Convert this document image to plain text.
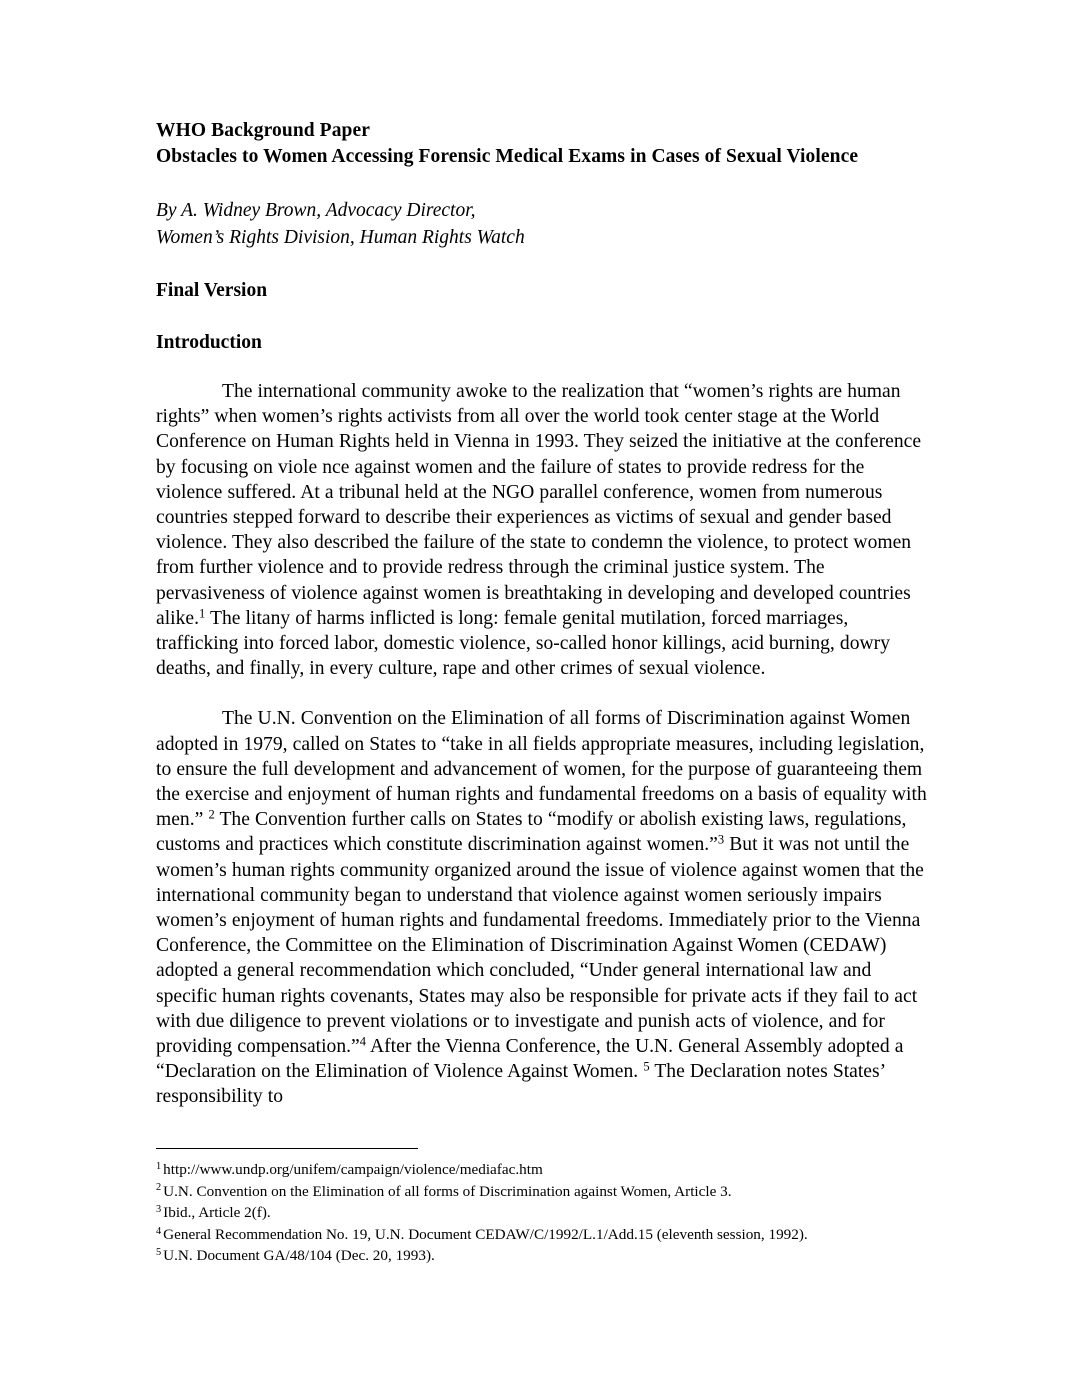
WHO Background Paper
Obstacles to Women Accessing Forensic Medical Exams in Cases of Sexual Violence
By A. Widney Brown, Advocacy Director,
Women’s Rights Division, Human Rights Watch
Final Version
Introduction

The international community awoke to the realization that “women’s rights are human rights” when women’s rights activists from all over the world took center stage at the World Conference on Human Rights held in Vienna in 1993. They seized the initiative at the conference by focusing on viole nce against women and the failure of states to provide redress for the violence suffered. At a tribunal held at the NGO parallel conference, women from numerous countries stepped forward to describe their experiences as victims of sexual and gender based violence. They also described the failure of the state to condemn the violence, to protect women from further violence and to provide redress through the criminal justice system. The pervasiveness of violence against women is breathtaking in developing and developed countries alike.$^1$ The litany of harms inflicted is long: female genital mutilation, forced marriages, trafficking into forced labor, domestic violence, so-called honor killings, acid burning, dowry deaths, and finally, in every culture, rape and other crimes of sexual violence.

The U.N. Convention on the Elimination of all forms of Discrimination against Women adopted in 1979, called on States to “take in all fields appropriate measures, including legislation, to ensure the full development and advancement of women, for the purpose of guaranteeing them the exercise and enjoyment of human rights and fundamental freedoms on a basis of equality with men.” $^2$ The Convention further calls on States to “modify or abolish existing laws, regulations, customs and practices which constitute discrimination against women.”$^3$ But it was not until the women’s human rights community organized around the issue of violence against women that the international community began to understand that violence against women seriously impairs women’s enjoyment of human rights and fundamental freedoms. Immediately prior to the Vienna Conference, the Committee on the Elimination of Discrimination Against Women (CEDAW) adopted a general recommendation which concluded, “Under general international law and specific human rights covenants, States may also be responsible for private acts if they fail to act with due diligence to prevent violations or to investigate and punish acts of violence, and for providing compensation.”$^4$ After the Vienna Conference, the U.N. General Assembly adopted a “Declaration on the Elimination of Violence Against Women. $^5$ The Declaration notes States’ responsibility to

$^1$ http://www.undp.org/unifem/campaign/violence/mediafac.htm

$^2$ U.N. Convention on the Elimination of all forms of Discrimination against Women, Article 3.

$^3$ Ibid., Article 2(f).

$^4$ General Recommendation No. 19, U.N. Document CEDAW/C/1992/L.1/Add.15 (eleventh session, 1992).

$^5$ U.N. Document GA/48/104 (Dec. 20, 1993).
